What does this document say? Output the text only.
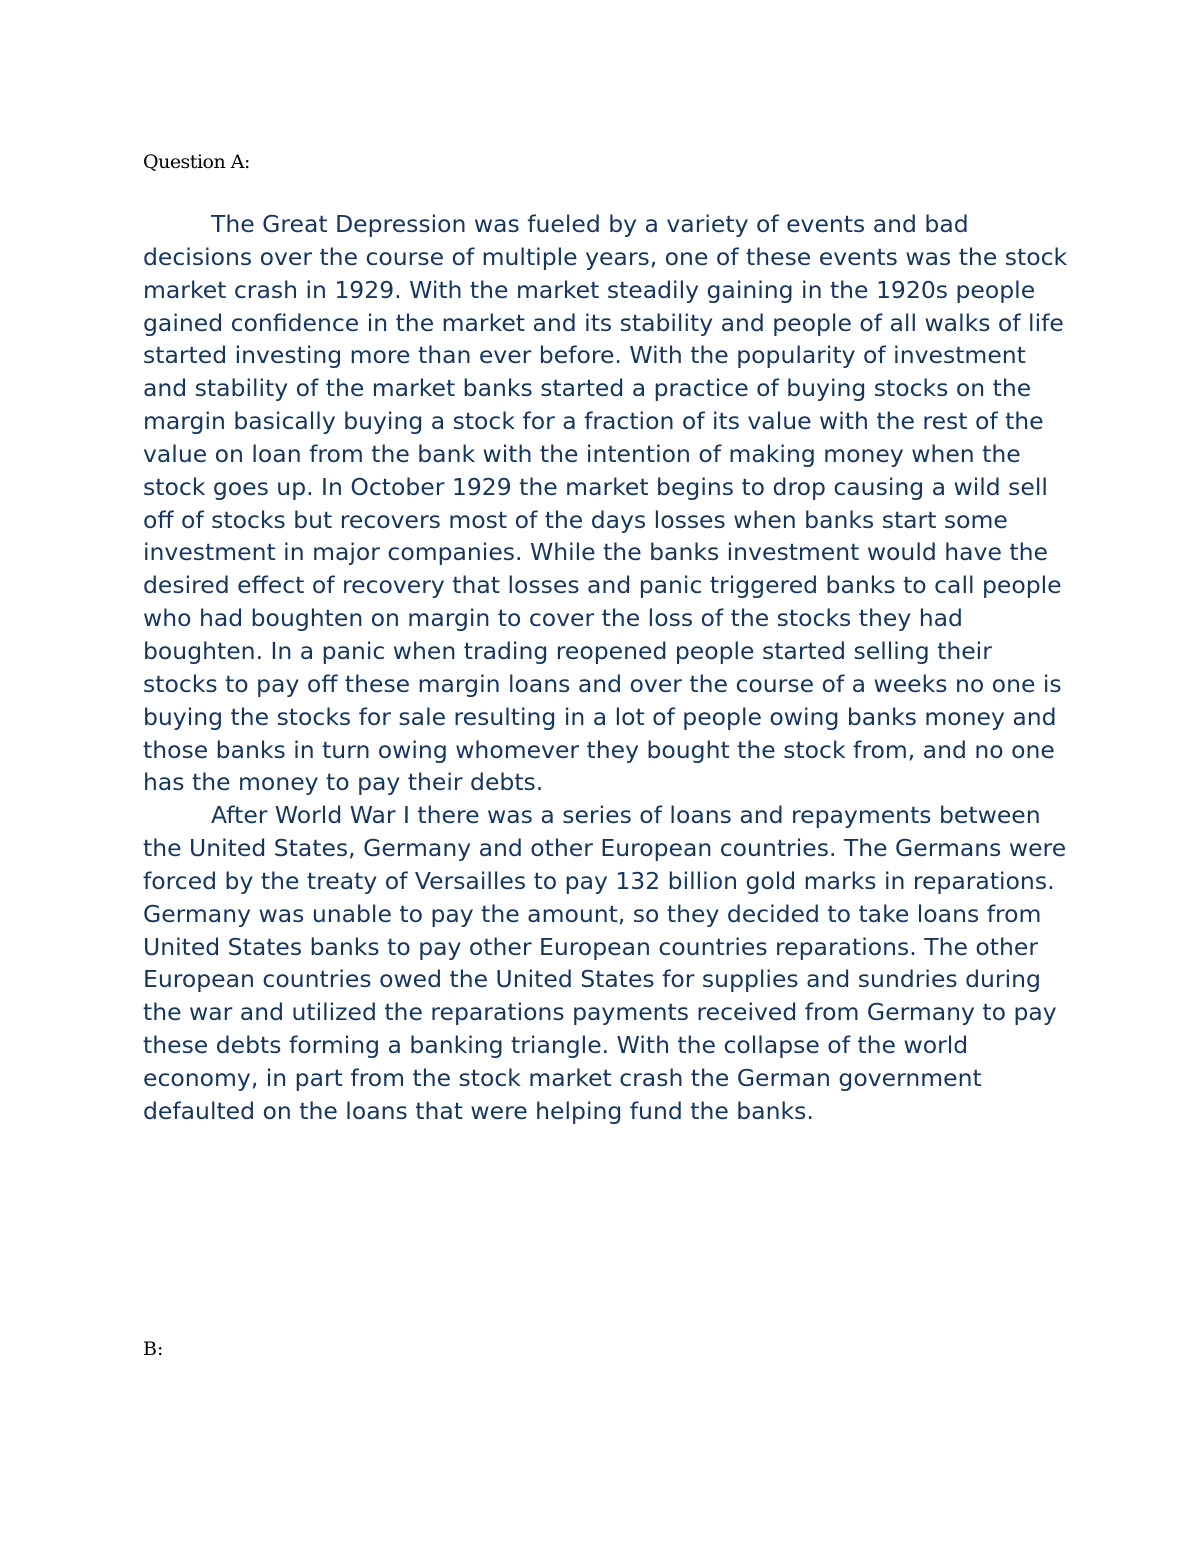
Question A:

The Great Depression was fueled by a variety of events and bad decisions over the course of multiple years, one of these events was the stock market crash in 1929. With the market steadily gaining in the 1920s people gained confidence in the market and its stability and people of all walks of life started investing more than ever before. With the popularity of investment and stability of the market banks started a practice of buying stocks on the margin basically buying a stock for a fraction of its value with the rest of the value on loan from the bank with the intention of making money when the stock goes up. In October 1929 the market begins to drop causing a wild sell off of stocks but recovers most of the days losses when banks start some investment in major companies. While the banks investment would have the desired effect of recovery that losses and panic triggered banks to call people who had boughten on margin to cover the loss of the stocks they had boughten. In a panic when trading reopened people started selling their stocks to pay off these margin loans and over the course of a weeks no one is buying the stocks for sale resulting in a lot of people owing banks money and those banks in turn owing whomever they bought the stock from, and no one has the money to pay their debts.

After World War I there was a series of loans and repayments between the United States, Germany and other European countries. The Germans were forced by the treaty of Versailles to pay 132 billion gold marks in reparations. Germany was unable to pay the amount, so they decided to take loans from United States banks to pay other European countries reparations. The other European countries owed the United States for supplies and sundries during the war and utilized the reparations payments received from Germany to pay these debts forming a banking triangle. With the collapse of the world economy, in part from the stock market crash the German government defaulted on the loans that were helping fund the banks.

B:
